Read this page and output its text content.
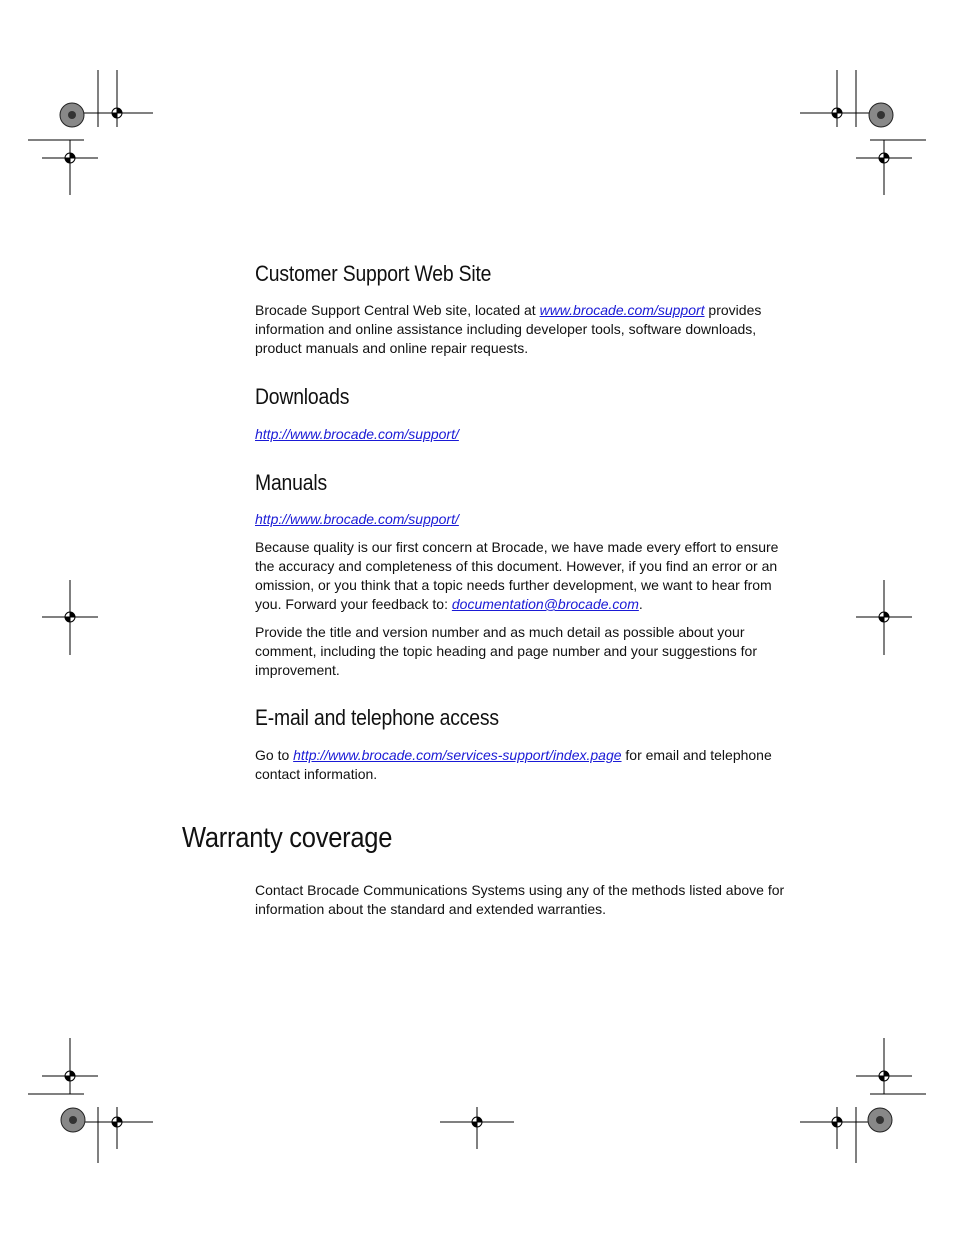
Customer Support Web Site

Brocade Support Central Web site, located at www.brocade.com/support provides information and online assistance including developer tools, software downloads, product manuals and online repair requests.

Downloads

http://www.brocade.com/support/

Manuals

http://www.brocade.com/support/

Because quality is our first concern at Brocade, we have made every effort to ensure the accuracy and completeness of this document. However, if you find an error or an omission, or you think that a topic needs further development, we want to hear from you. Forward your feedback to: documentation@brocade.com.

Provide the title and version number and as much detail as possible about your comment, including the topic heading and page number and your suggestions for improvement.

E-mail and telephone access

Go to http://www.brocade.com/services-support/index.page for email and telephone contact information.

Warranty coverage

Contact Brocade Communications Systems using any of the methods listed above for information about the standard and extended warranties.
